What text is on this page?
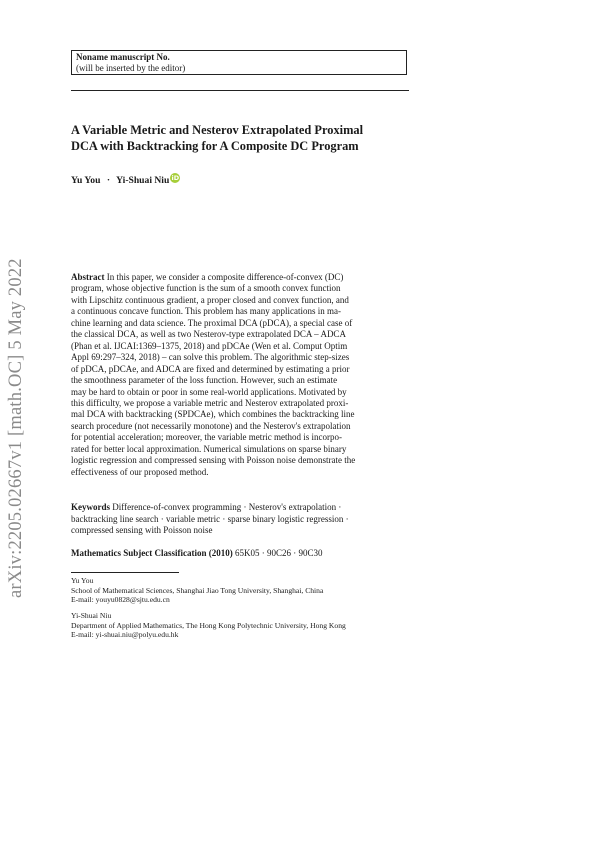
arXiv:2205.02667v1 [math.OC] 5 May 2022
Noname manuscript No.
(will be inserted by the editor)
A Variable Metric and Nesterov Extrapolated Proximal
DCA with Backtracking for A Composite DC Program
Yu You · Yi-Shuai Niu iD
Abstract In this paper, we consider a composite difference-of-convex (DC)
program, whose objective function is the sum of a smooth convex function
with Lipschitz continuous gradient, a proper closed and convex function, and
a continuous concave function. This problem has many applications in ma-
chine learning and data science. The proximal DCA (pDCA), a special case of
the classical DCA, as well as two Nesterov-type extrapolated DCA – ADCA
(Phan et al. IJCAI:1369–1375, 2018) and pDCAe (Wen et al. Comput Optim
Appl 69:297–324, 2018) – can solve this problem. The algorithmic step-sizes
of pDCA, pDCAe, and ADCA are fixed and determined by estimating a prior
the smoothness parameter of the loss function. However, such an estimate
may be hard to obtain or poor in some real-world applications. Motivated by
this difficulty, we propose a variable metric and Nesterov extrapolated proxi-
mal DCA with backtracking (SPDCAe), which combines the backtracking line
search procedure (not necessarily monotone) and the Nesterov's extrapolation
for potential acceleration; moreover, the variable metric method is incorpo-
rated for better local approximation. Numerical simulations on sparse binary
logistic regression and compressed sensing with Poisson noise demonstrate the
effectiveness of our proposed method.
Keywords Difference-of-convex programming · Nesterov's extrapolation ·
backtracking line search · variable metric · sparse binary logistic regression ·
compressed sensing with Poisson noise
Mathematics Subject Classification (2010) 65K05 · 90C26 · 90C30
Yu You
School of Mathematical Sciences, Shanghai Jiao Tong University, Shanghai, China
E-mail: youyu0828@sjtu.edu.cn
Yi-Shuai Niu
Department of Applied Mathematics, The Hong Kong Polytechnic University, Hong Kong
E-mail: yi-shuai.niu@polyu.edu.hk
